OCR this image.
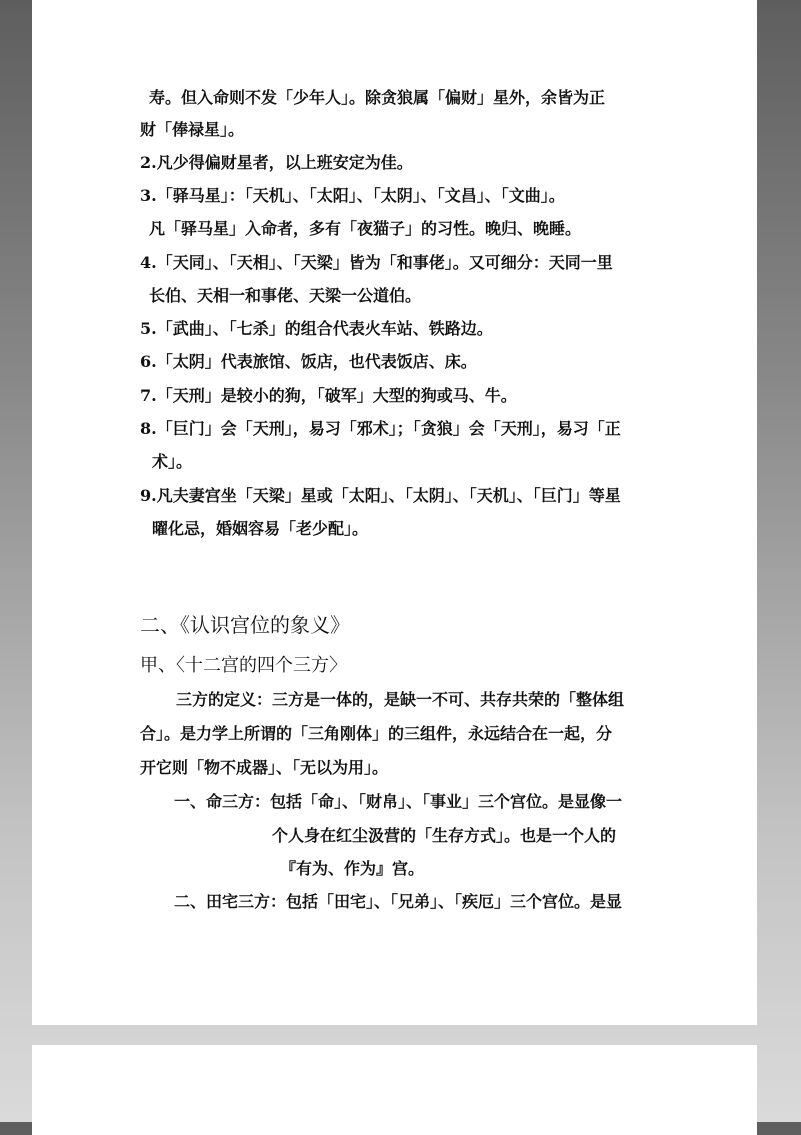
寿。但入命则不发「少年人」。除贪狼属「偏财」星外，余皆为正
财「俸禄星」。
2.凡少得偏财星者，以上班安定为佳。
3.「驿马星」：「天机」、「太阳」、「太阴」、「文昌」、「文曲」。
凡「驿马星」入命者，多有「夜猫子」的习性。晚归、晚睡。
4.「天同」、「天相」、「天梁」皆为「和事佬」。又可细分：天同一里
长伯、天相一和事佬、天梁一公道伯。
5.「武曲」、「七杀」的组合代表火车站、铁路边。
6.「太阴」代表旅馆、饭店，也代表饭店、床。
7.「天刑」是较小的狗，「破军」大型的狗或马、牛。
8.「巨门」会「天刑」，易习「邪术」；「贪狼」会「天刑」，易习「正
术」。
9.凡夫妻宫坐「天梁」星或「太阳」、「太阴」、「天机」、「巨门」等星
曜化忌，婚姻容易「老少配」。
二、《认识宫位的象义》
甲、〈十二宫的四个三方〉
三方的定义：三方是一体的，是缺一不可、共存共荣的「整体组
合」。是力学上所谓的「三角刚体」的三组件，永远结合在一起，分
开它则「物不成器」、「无以为用」。
一、命三方：包括「命」、「财帛」、「事业」三个宫位。是显像一
个人身在红尘汲营的「生存方式」。也是一个人的
『有为、作为』宫。
二、田宅三方：包括「田宅」、「兄弟」、「疾厄」三个宫位。是显
